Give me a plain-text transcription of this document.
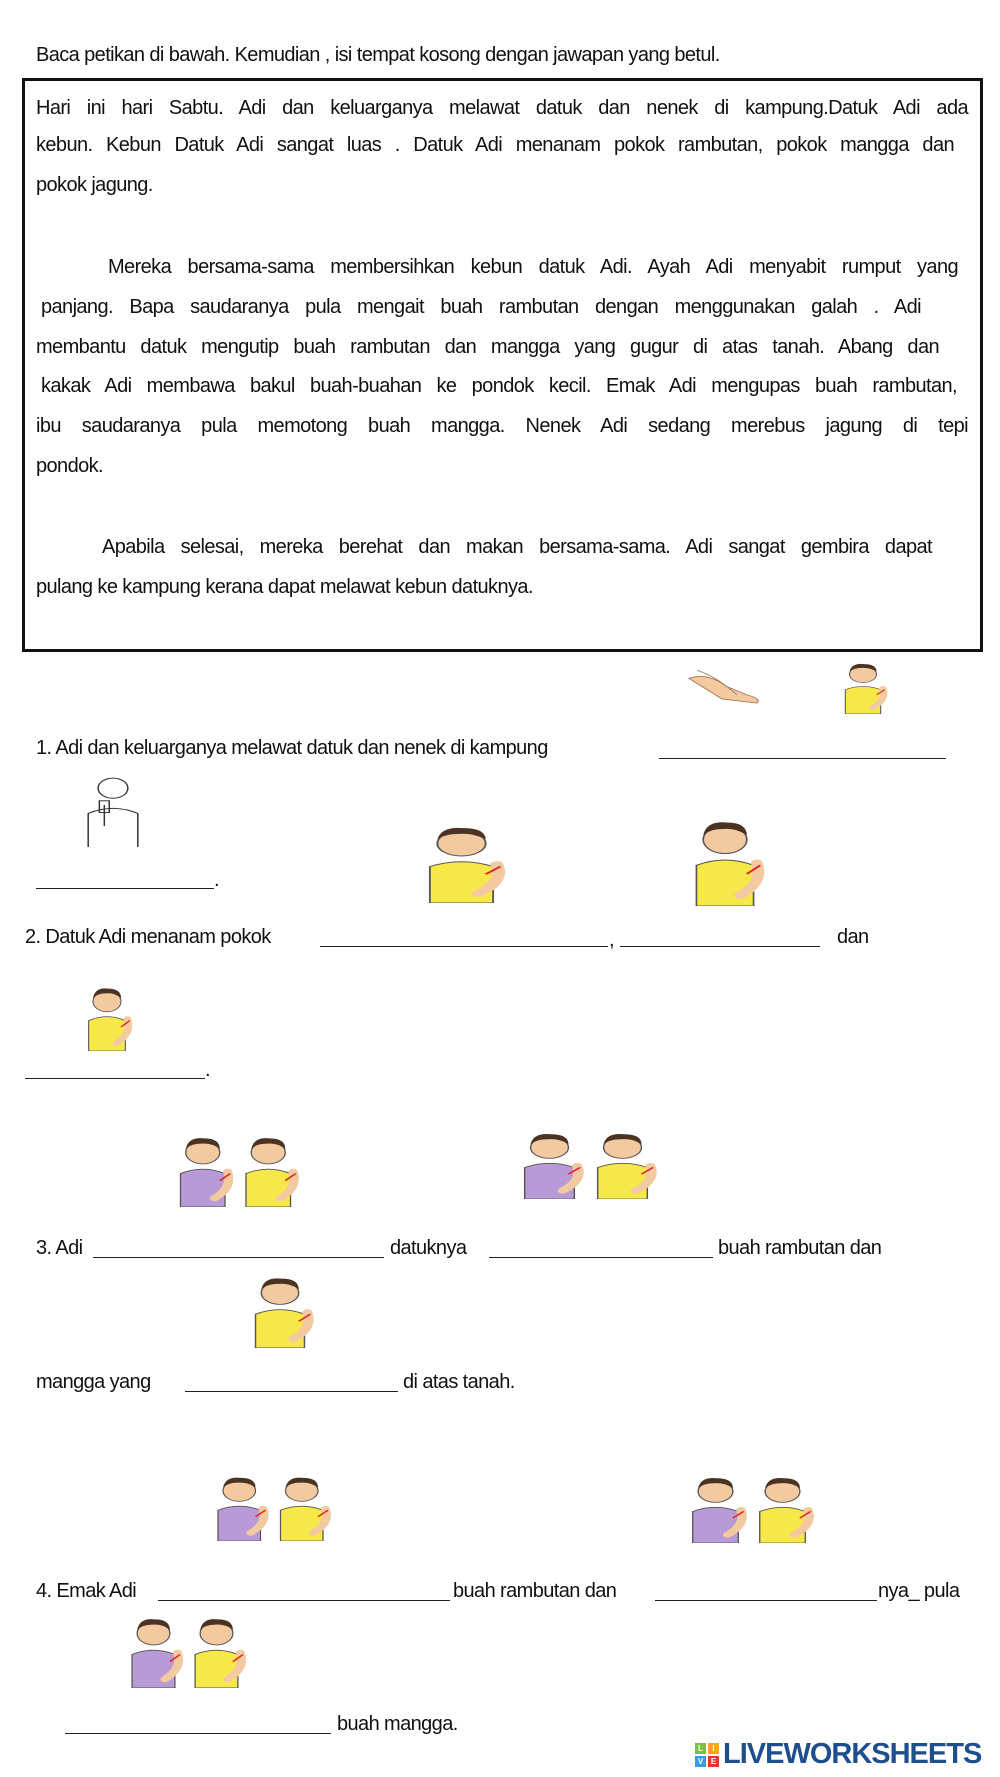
Baca petikan di bawah. Kemudian , isi tempat kosong dengan jawapan yang betul.
Hari ini hari Sabtu. Adi dan keluarganya melawat datuk dan nenek di kampung.Datuk Adi ada
kebun. Kebun Datuk Adi sangat luas . Datuk Adi menanam pokok rambutan, pokok mangga dan
pokok jagung.
Mereka bersama-sama membersihkan kebun datuk Adi. Ayah Adi menyabit rumput yang
panjang. Bapa saudaranya pula mengait buah rambutan dengan menggunakan galah . Adi
membantu datuk mengutip buah rambutan dan mangga yang gugur di atas tanah. Abang dan
kakak Adi membawa bakul buah-buahan ke pondok kecil. Emak Adi mengupas buah rambutan,
ibu saudaranya pula memotong buah mangga. Nenek Adi sedang merebus jagung di tepi
pondok.
Apabila selesai, mereka berehat dan makan bersama-sama. Adi sangat gembira dapat
pulang ke kampung kerana dapat melawat kebun datuknya.
1. Adi dan keluarganya melawat datuk dan nenek di kampung
.
2. Datuk Adi menanam pokok	,	dan
.
3. Adi	datuknya	buah rambutan dan
mangga yang	di atas tanah.
4. Emak Adi	buah rambutan dan	nya_ pula
buah mangga.
L	I
V E LIVEWORKSHEETS
